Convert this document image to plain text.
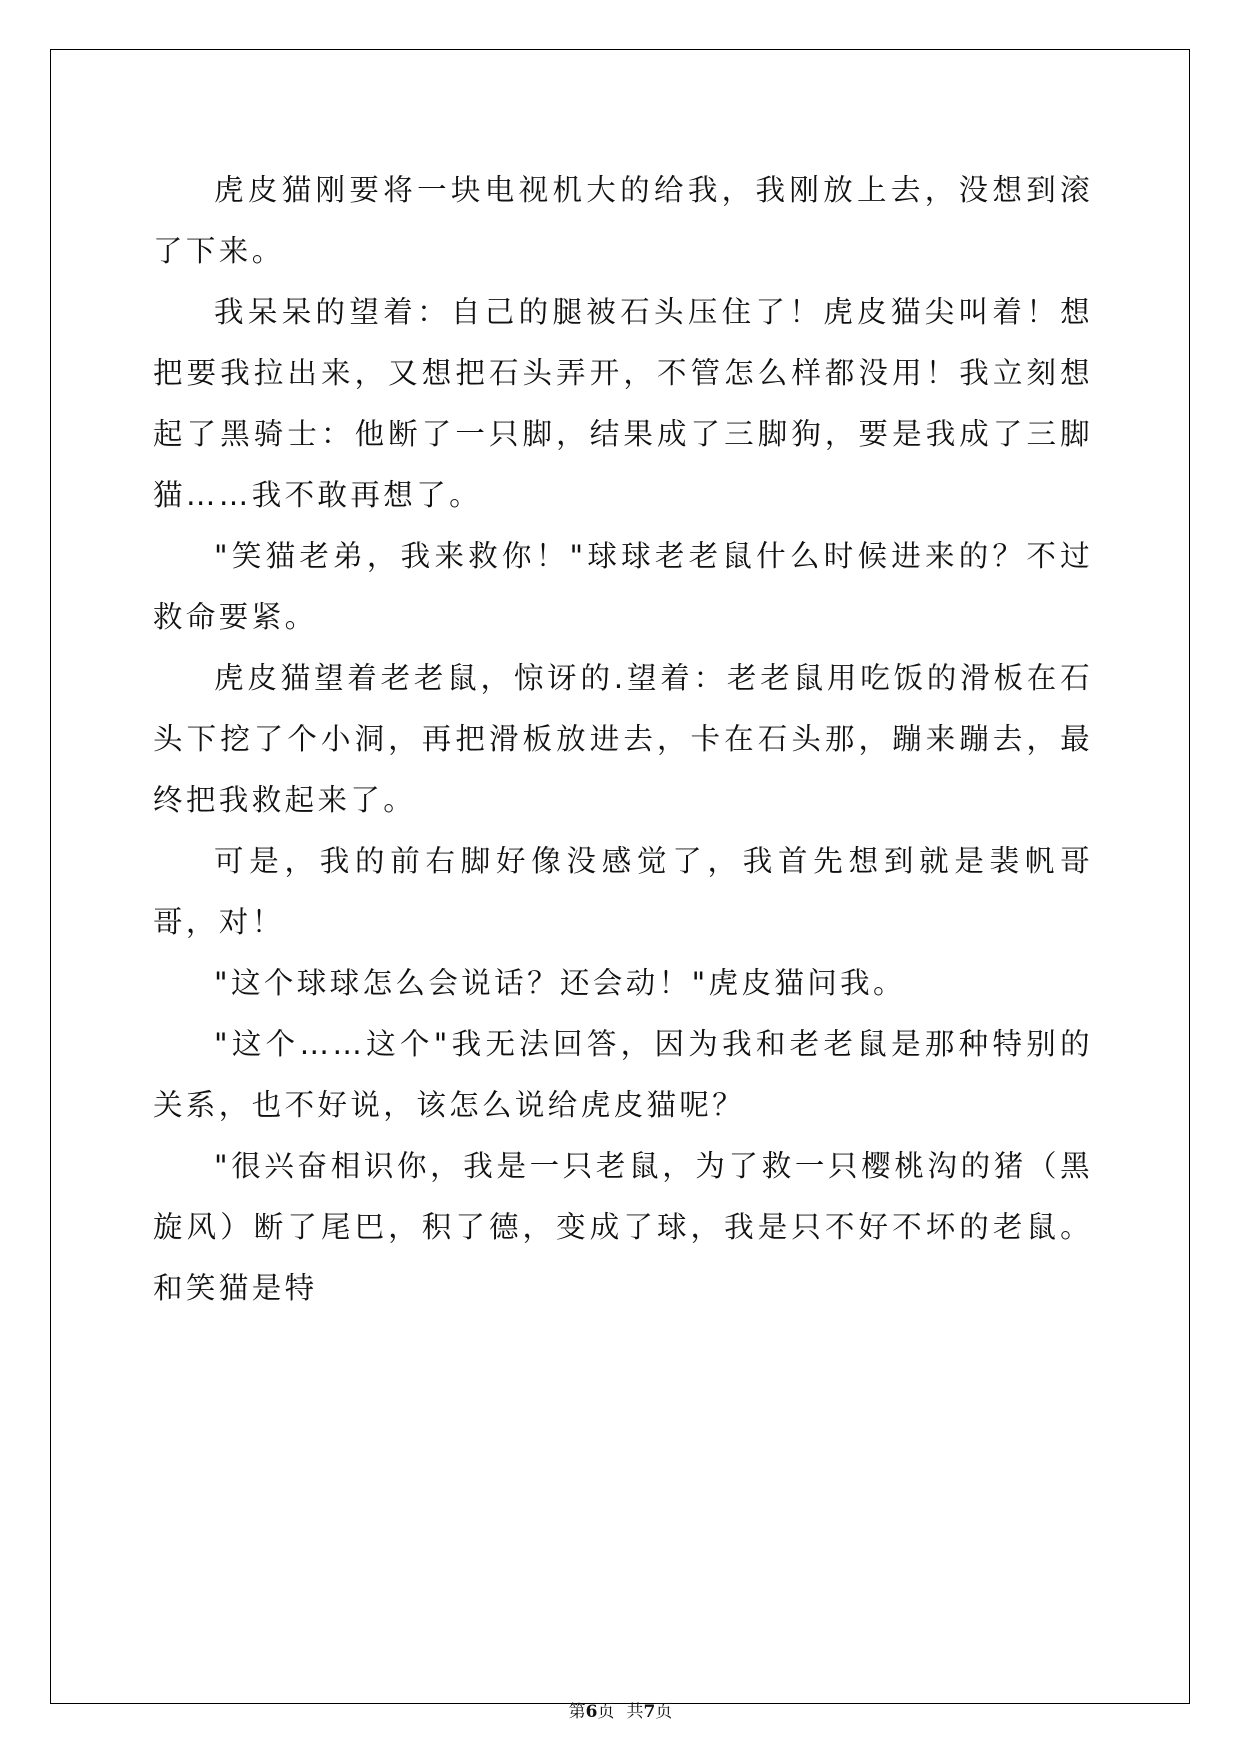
虎皮猫刚要将一块电视机大的给我，我刚放上去，没想到滚了下来。

我呆呆的望着：自己的腿被石头压住了！虎皮猫尖叫着！想把要我拉出来，又想把石头弄开，不管怎么样都没用！我立刻想起了黑骑士：他断了一只脚，结果成了三脚狗，要是我成了三脚猫……我不敢再想了。

"笑猫老弟，我来救你！"球球老老鼠什么时候进来的？不过救命要紧。

虎皮猫望着老老鼠，惊讶的.望着：老老鼠用吃饭的滑板在石头下挖了个小洞，再把滑板放进去，卡在石头那，蹦来蹦去，最终把我救起来了。

可是，我的前右脚好像没感觉了，我首先想到就是裴帆哥哥，对！

"这个球球怎么会说话？还会动！"虎皮猫问我。

"这个……这个"我无法回答，因为我和老老鼠是那种特别的关系，也不好说，该怎么说给虎皮猫呢？

"很兴奋相识你，我是一只老鼠，为了救一只樱桃沟的猪（黑旋风）断了尾巴，积了德，变成了球，我是只不好不坏的老鼠。和笑猫是特

第6页 共7页
